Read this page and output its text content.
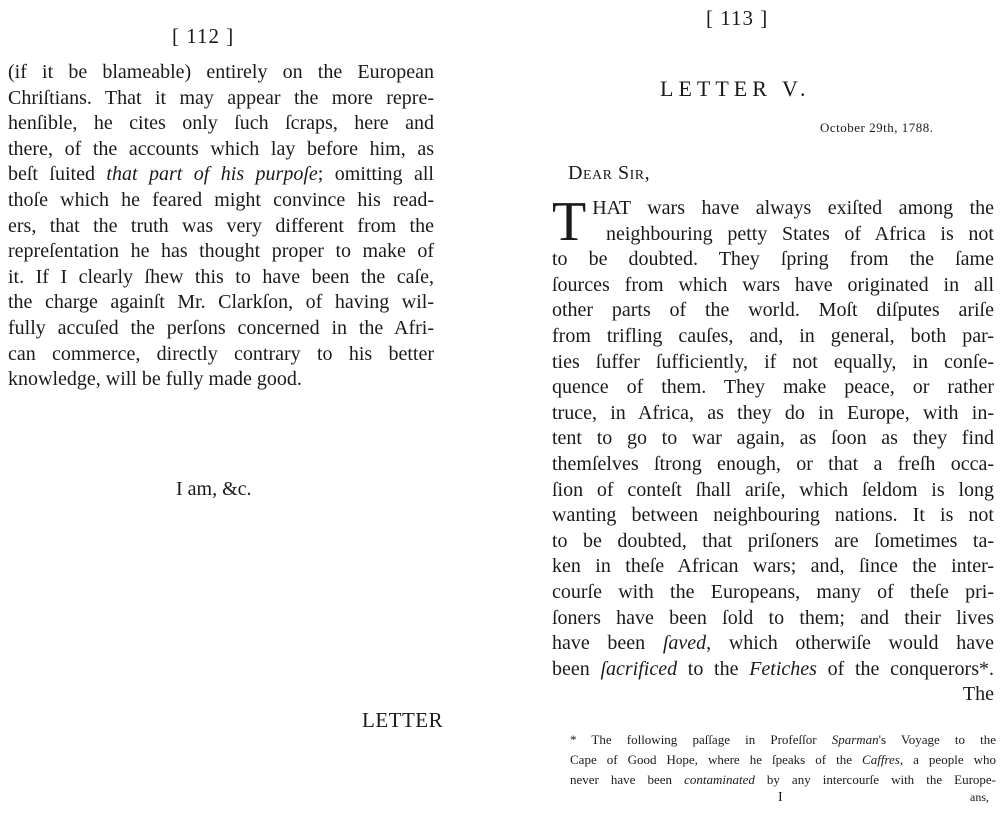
[ 112 ]
(if it be blameable) entirely on the European
Chriſtians. That it may appear the more repre-
henſible, he cites only ſuch ſcraps, here and
there, of the accounts which lay before him, as
beſt ſuited that part of his purpoſe; omitting all
thoſe which he feared might convince his read-
ers, that the truth was very different from the
repreſentation he has thought proper to make of
it. If I clearly ſhew this to have been the caſe,
the charge againſt Mr. Clarkſon, of having wil-
fully accuſed the perſons concerned in the Afri-
can commerce, directly contrary to his better
knowledge, will be fully made good.
I am, &c.
LETTER
[ 113 ]
LETTER V.
October 29th, 1788.
Dear Sir,
T HAT wars have always exiſted among the
neighbouring petty States of Africa is not
to be doubted. They ſpring from the ſame
ſources from which wars have originated in all
other parts of the world. Moſt diſputes ariſe
from trifling cauſes, and, in general, both par-
ties ſuffer ſufficiently, if not equally, in conſe-
quence of them. They make peace, or rather
truce, in Africa, as they do in Europe, with in-
tent to go to war again, as ſoon as they find
themſelves ſtrong enough, or that a freſh occa-
ſion of conteſt ſhall ariſe, which ſeldom is long
wanting between neighbouring nations. It is not
to be doubted, that priſoners are ſometimes ta-
ken in theſe African wars; and, ſince the inter-
courſe with the Europeans, many of theſe pri-
ſoners have been ſold to them; and their lives
have been ſaved, which otherwiſe would have
been ſacrificed to the Fetiches of the conquerors*.
The
* The following paſſage in Profeſſor Sparman's Voyage to the
Cape of Good Hope, where he ſpeaks of the Caffres, a people who
never have been contaminated by any intercourſe with the Europe-
I	ans,
